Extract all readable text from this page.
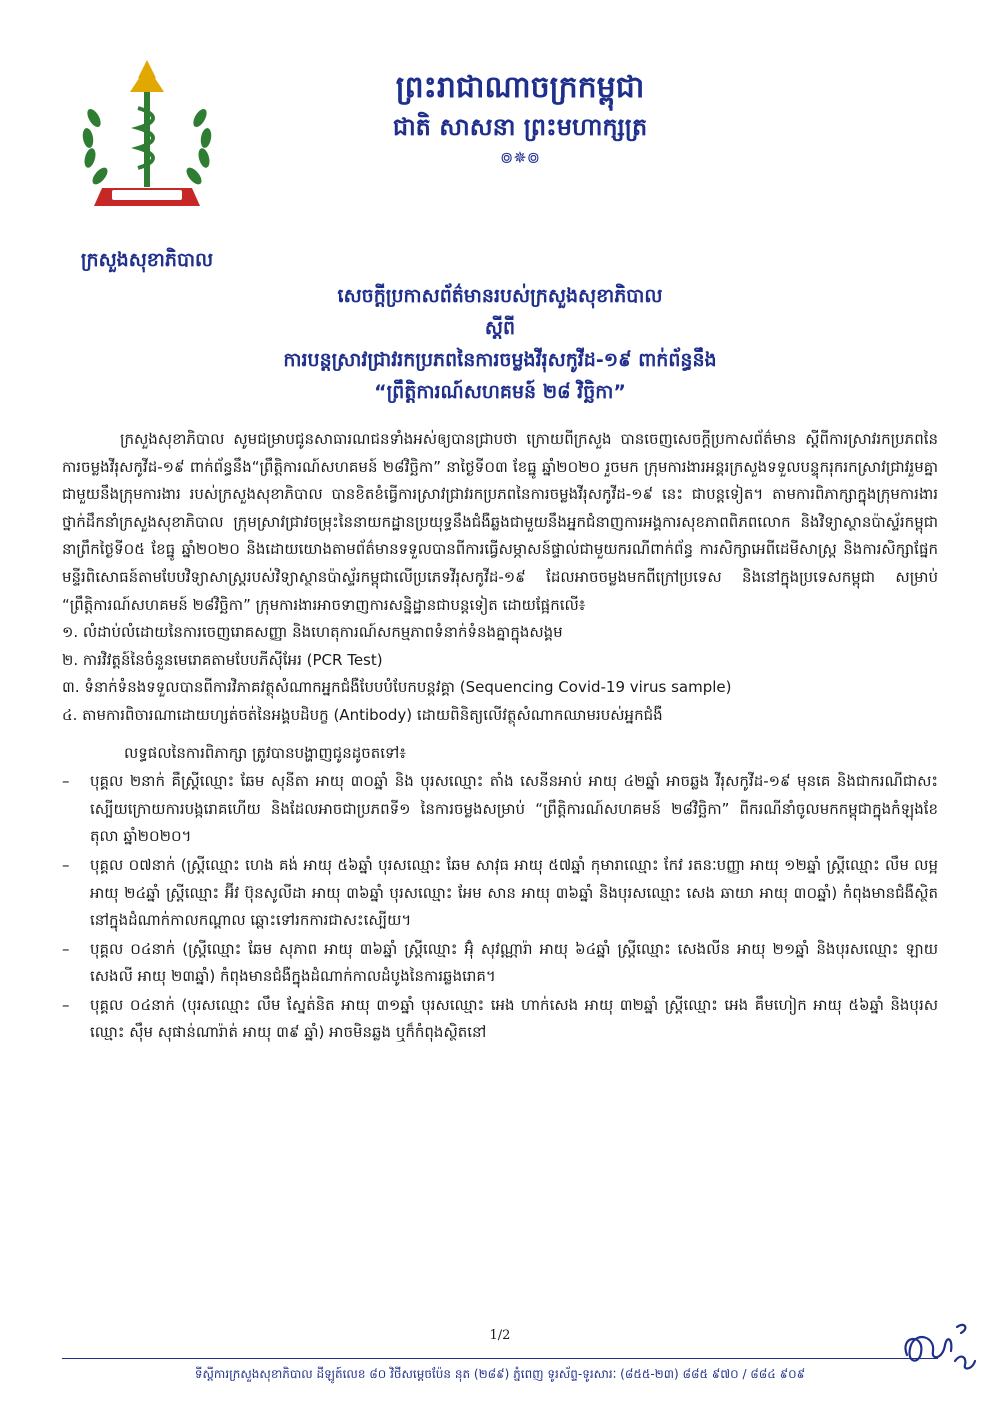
ក្រសួងសុខាភិបាល
ព្រះរាជាណាចក្រកម្ពុជា
ជាតិ សាសនា ព្រះមហាក្សត្រ
៙✵៙
សេចក្តីប្រកាសព័ត៌មានរបស់ក្រសួងសុខាភិបាល
ស្តីពី
ការបន្តស្រាវជ្រាវរកប្រភពនៃការចម្លងវីរុសកូវីដ-១៩ ពាក់ព័ន្ធនឹង
“ព្រឹត្តិការណ៍សហគមន៍ ២៨ វិច្ឆិកា”

ក្រសួងសុខាភិបាល សូមជម្រាបជូនសាធារណជនទាំងអស់ឲ្យបានជ្រាបថា ក្រោយពីក្រសួង បានចេញសេចក្តីប្រកាសព័ត៌មាន ស្តីពីការស្រាវរកប្រភពនៃការចម្លងវីរុសកូវីដ-១៩ ពាក់ព័ន្ធនឹង“ព្រឹត្តិការណ៍សហគមន៍ ២៨វិច្ឆិកា” នាថ្ងៃទី០៣ ខែធ្នូ ឆ្នាំ២០២០ រួចមក ក្រុមការងារអន្តរក្រសួងទទួលបន្ទុករុករកស្រាវជ្រាវរួមគ្នាជាមួយនឹងក្រុមការងារ របស់ក្រសួងសុខាភិបាល បានខិតខំធ្វើការស្រាវជ្រាវរកប្រភពនៃការចម្លងវីរុសកូវីដ-១៩ នេះ ជាបន្តទៀត។ តាមការពិភាក្សាក្នុងក្រុមការងារថ្នាក់ដឹកនាំក្រសួងសុខាភិបាល ក្រុមស្រាវជ្រាវចម្រុះនៃនាយកដ្ឋានប្រយុទ្ធនឹងជំងឺឆ្លងជាមួយនឹងអ្នកជំនាញការអង្គការសុខភាពពិភពលោក និងវិទ្យាស្ថានប៉ាស្ទ័រកម្ពុជា នាព្រឹកថ្ងៃទី០៥ ខែធ្នូ ឆ្នាំ២០២០ និងដោយយោងតាមព័ត៌មានទទួលបានពីការធ្វើសម្ភាសន៍ផ្ទាល់ជាមួយករណីពាក់ព័ន្ធ ការសិក្សាអេពីដេមីសាស្ត្រ និងការសិក្សាផ្នែកមន្ទីរពិសោធន៍តាមបែបវិទ្យាសាស្ត្ររបស់វិទ្យាស្ថានប៉ាស្ទ័រកម្ពុជាលើប្រភេទវីរុសកូវីដ-១៩ ដែលអាចចម្លងមកពីក្រៅប្រទេស និងនៅក្នុងប្រទេសកម្ពុជា សម្រាប់ “ព្រឹត្តិការណ៍សហគមន៍ ២៨វិច្ឆិកា” ក្រុមការងារអាចទាញការសន្និដ្ឋានជាបន្តទៀត ដោយផ្អែកលើ៖

១. លំដាប់លំដោយនៃការចេញរោគសញ្ញា និងហេតុការណ៍សកម្មភាពទំនាក់ទំនងគ្នាក្នុងសង្គម

២. ការវិវត្តន៍នៃចំនួនមេរោគតាមបែបភីស៊ីអែរ (PCR Test)

៣. ទំនាក់ទំនងទទួលបានពីការវិភាគវត្ថុសំណាកអ្នកជំងឺបែបបំបែកបន្តវគ្គា (Sequencing Covid-19 virus sample)

៤. តាមការពិចារណាដោយហ្សត់ចត់នៃអង្គបដិបក្ខ (Antibody) ដោយពិនិត្យលើវត្ថុសំណាកឈាមរបស់អ្នកជំងឺ

លទ្ធផលនៃការពិភាក្សា ត្រូវបានបង្ហាញជូនដូចតទៅ៖

– បុគ្គល ២នាក់ គឺស្ត្រីឈ្មោះ ឆែម សុនីតា អាយុ ៣០ឆ្នាំ និង បុរសឈ្មោះ តាំង សេនីនអាប់ អាយុ ៤២ឆ្នាំ អាចឆ្លង វីរុសកូវីដ-១៩ មុនគេ និងជាករណីជាសះស្បើយក្រោយការបង្ករោគហើយ និងដែលអាចជាប្រភពទី១ នៃការចម្លងសម្រាប់ “ព្រឹត្តិការណ៍សហគមន៍ ២៨វិច្ឆិកា” ពីករណីនាំចូលមកកម្ពុជាក្នុងកំឡុងខែតុលា ឆ្នាំ២០២០។

– បុគ្គល ០៧នាក់ (ស្ត្រីឈ្មោះ ហេង គង់ អាយុ ៥៦ឆ្នាំ បុរសឈ្មោះ ឆែម សាវុធ អាយុ ៥៧ឆ្នាំ កុមារាឈ្មោះ កែវ រតនៈបញ្ញា អាយុ ១២ឆ្នាំ ស្ត្រីឈ្មោះ លឹម លម្អ អាយុ ២៤ឆ្នាំ ស្ត្រីឈ្មោះ អ៊ីវ ប៊ុនសូលីដា អាយុ ៣៦ឆ្នាំ បុរសឈ្មោះ អែម សាន អាយុ ៣៦ឆ្នាំ និងបុរសឈ្មោះ សេង ឆាយា អាយុ ៣០ឆ្នាំ) កំពុងមានជំងឺស្ថិតនៅក្នុងដំណាក់កាលកណ្តាល ឆ្ពោះទៅរកការជាសះស្បើយ។

– បុគ្គល ០៤នាក់ (ស្ត្រីឈ្មោះ ឆែម សុភាព អាយុ ៣៦ឆ្នាំ ស្ត្រីឈ្មោះ អ៊ុំ សុវណ្ណារ៉ា អាយុ ៦៤ឆ្នាំ ស្ត្រីឈ្មោះ សេងលីន អាយុ ២១ឆ្នាំ និងបុរសឈ្មោះ ឡាយ សេងលី អាយុ ២៣ឆ្នាំ) កំពុងមានជំងឺក្នុងដំណាក់កាលដំបូងនៃការឆ្លងរោគ។

– បុគ្គល ០៤នាក់ (បុរសឈ្មោះ លឹម ស្នែត់និត អាយុ ៣១ឆ្នាំ បុរសឈ្មោះ អេង ហាក់សេង អាយុ ៣២ឆ្នាំ ស្ត្រីឈ្មោះ អេង គឹមហៀក អាយុ ៥៦ឆ្នាំ និងបុរសឈ្មោះ ស៊ឹម សុផាន់ណារ៉ាត់ អាយុ ៣៩ ឆ្នាំ) អាចមិនឆ្លង ឬក៏កំពុងស្ថិតនៅ

1/2
ទីស្តីការក្រសួងសុខាភិបាល ដីឡូត៍លេខ ៨០ វិថីសម្តេចប៉ែន នុត (២៨៩) ភ្នំពេញ ទូរស័ព្ទ-ទូរសារៈ (៨៥៥-២៣) ៨៨៥ ៩៧០ / ៨៨៤ ៩០៩
